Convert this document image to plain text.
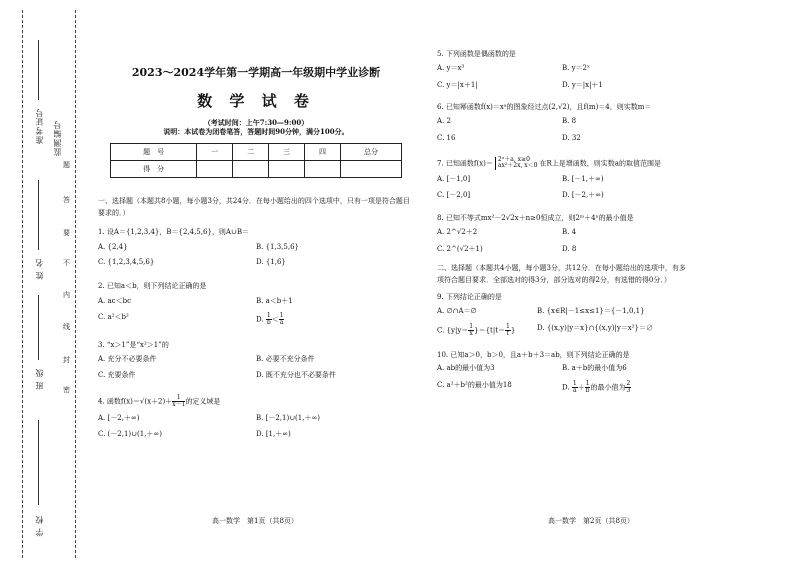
准考证号
姓 名
班 级
学 校
监测编号
题
答
要
不
内
线
封
密
2023～2024学年第一学期高一年级期中学业诊断
数 学 试 卷
（考试时间：上午7:30—9:00）
说明：本试卷为闭卷笔答，答题时间90分钟，满分100分。
题　号	一	二	三	四	总分
得　分					
一、选择题（本题共8小题，每小题3分，共24分．在每小题给出的四个选项中，只有一项是符合题目要求的．）
1. 设A＝{1,2,3,4}，B＝{2,4,5,6}，则A∪B＝
A. {2,4}	B. {1,3,5,6}
C. {1,2,3,4,5,6}	D. {1,6}
2. 已知a＜b，则下列结论正确的是
A. ac＜bc	B. a＜b＋1
C. a²＜b²	D. $\frac{1}{b} < \frac{1}{a}$
3. “x＞1”是“x²＞1”的
A. 充分不必要条件	B. 必要不充分条件
C. 充要条件	D. 既不充分也不必要条件
4. 函数$f(x)=√(x+2)+ \frac{1}{x-1}$ 的定义域是
A. [－2,＋∞)	B. [－2,1)∪(1,＋∞)
C. (－2,1)∪(1,＋∞)	D. [1,＋∞)
高一数学　第1页（共8页）
5. 下列函数是偶函数的是
A. y＝x³	B. y＝2ˣ
C. y＝|x＋1|	D. y＝|x|＋1
6. 已知幂函数f(x)＝xᵃ的图象经过点(2,√2)，且f(m)＝4，则实数m＝
A. 2	B. 8
C. 16	D. 32
7. 已知函数f(x)＝
2ˣ＋a, x≥0
ax²＋2x, x＜0 在R上是增函数，则实数a的取值范围是
A. [－1,0]	B. [－1,＋∞)
C. [－2,0]	D. [－2,＋∞)
8. 已知不等式mx²－2√2x＋n≥0恒成立，则2ᵐ＋4ⁿ的最小值是
A. 2^√2＋2	B. 4
C. 2^(√2＋1)	D. 8
二、选择题（本题共4小题，每小题3分，共12分．在每小题给出的选项中，有多项符合题目要求．全部选对的得3分，部分选对的得2分，有选错的得0分．）
9. 下列结论正确的是
A. ∅∩A＝∅	B. {x∈R|－1≤x≤1}＝{－1,0,1}
C. $\{y|y= \frac{1}{x} \}=\{t|t= \frac{1}{t}$ }	D. {(x,y)|y＝x}∩{(x,y)|y＝x²}＝∅
10. 已知a＞0，b＞0，且a＋b＋3＝ab，则下列结论正确的是
A. ab的最小值为3	B. a＋b的最小值为6
C. a²＋b²的最小值为18	D. $\frac{1}{a} + \frac{1}{b}$ 的最小值为 $\frac{2}{3}$
高一数学　第2页（共8页）
